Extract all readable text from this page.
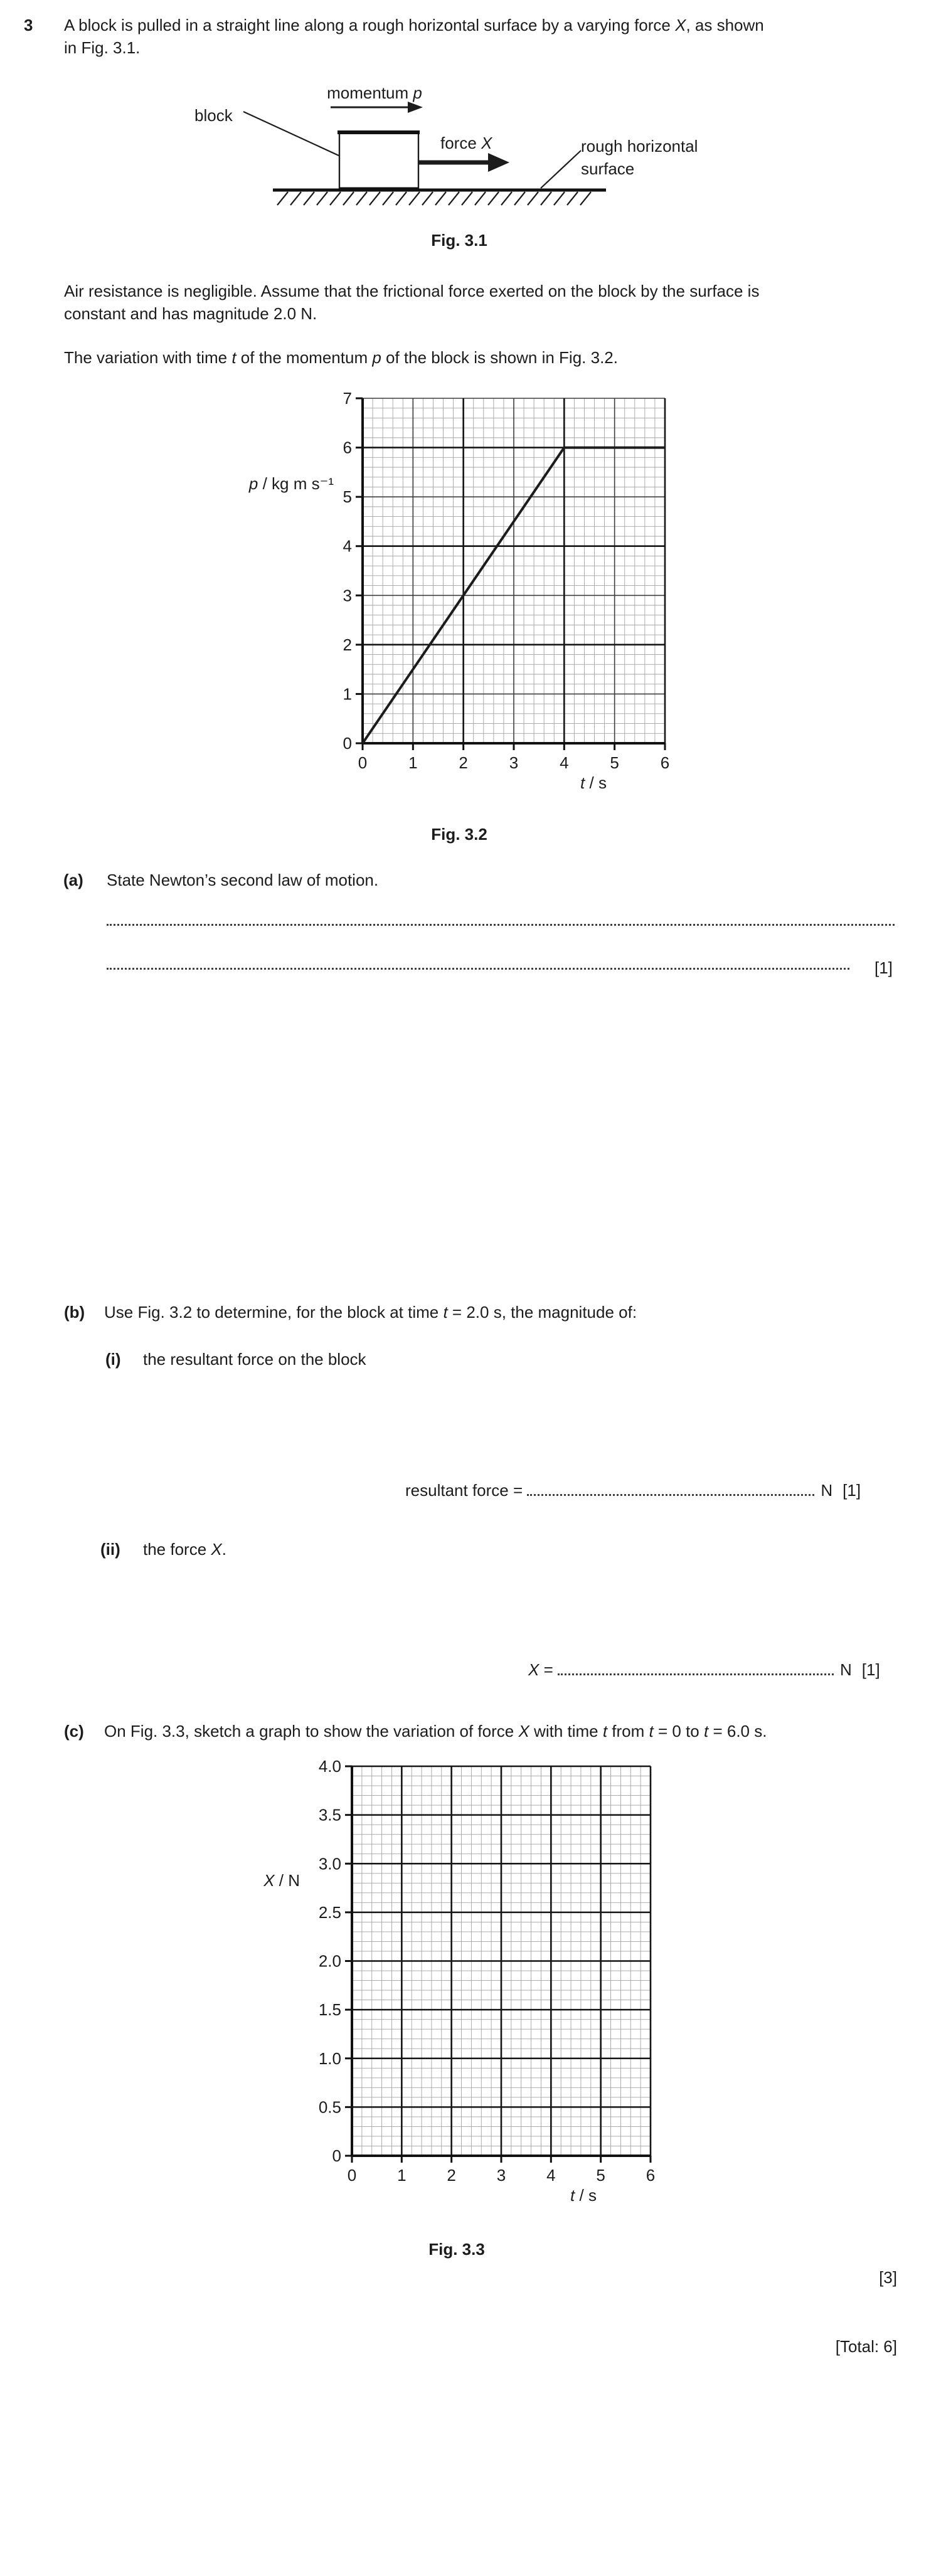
3 A block is pulled in a straight line along a rough horizontal surface by a varying force X, as shown
in Fig. 3.1.
momentum p
block
force X	rough horizontal
surface
Fig. 3.1
Air resistance is negligible. Assume that the frictional force exerted on the block by the surface is
constant and has magnitude 2.0 N.
The variation with time t of the momentum p of the block is shown in Fig. 3.2.
p / kg m s⁻¹
t / s
Fig. 3.2
(a) State Newton’s second law of motion.
[1]
(b) Use Fig. 3.2 to determine, for the block at time t = 2.0 s, the magnitude of:
(i) the resultant force on the block
resultant force =	N [1]
(ii) the force X.
X =	N [1]
(c) On Fig. 3.3, sketch a graph to show the variation of force X with time t from t = 0 to t = 6.0 s.
X / N
t / s
Fig. 3.3
[3]
[Total: 6]
0	1	2	3	4	5	6
0
1
2
3
4
5
6
7
0 1 2 3 4 5 6
0
0.5
1.0
1.5
2.0
2.5
3.0
3.5
4.0
